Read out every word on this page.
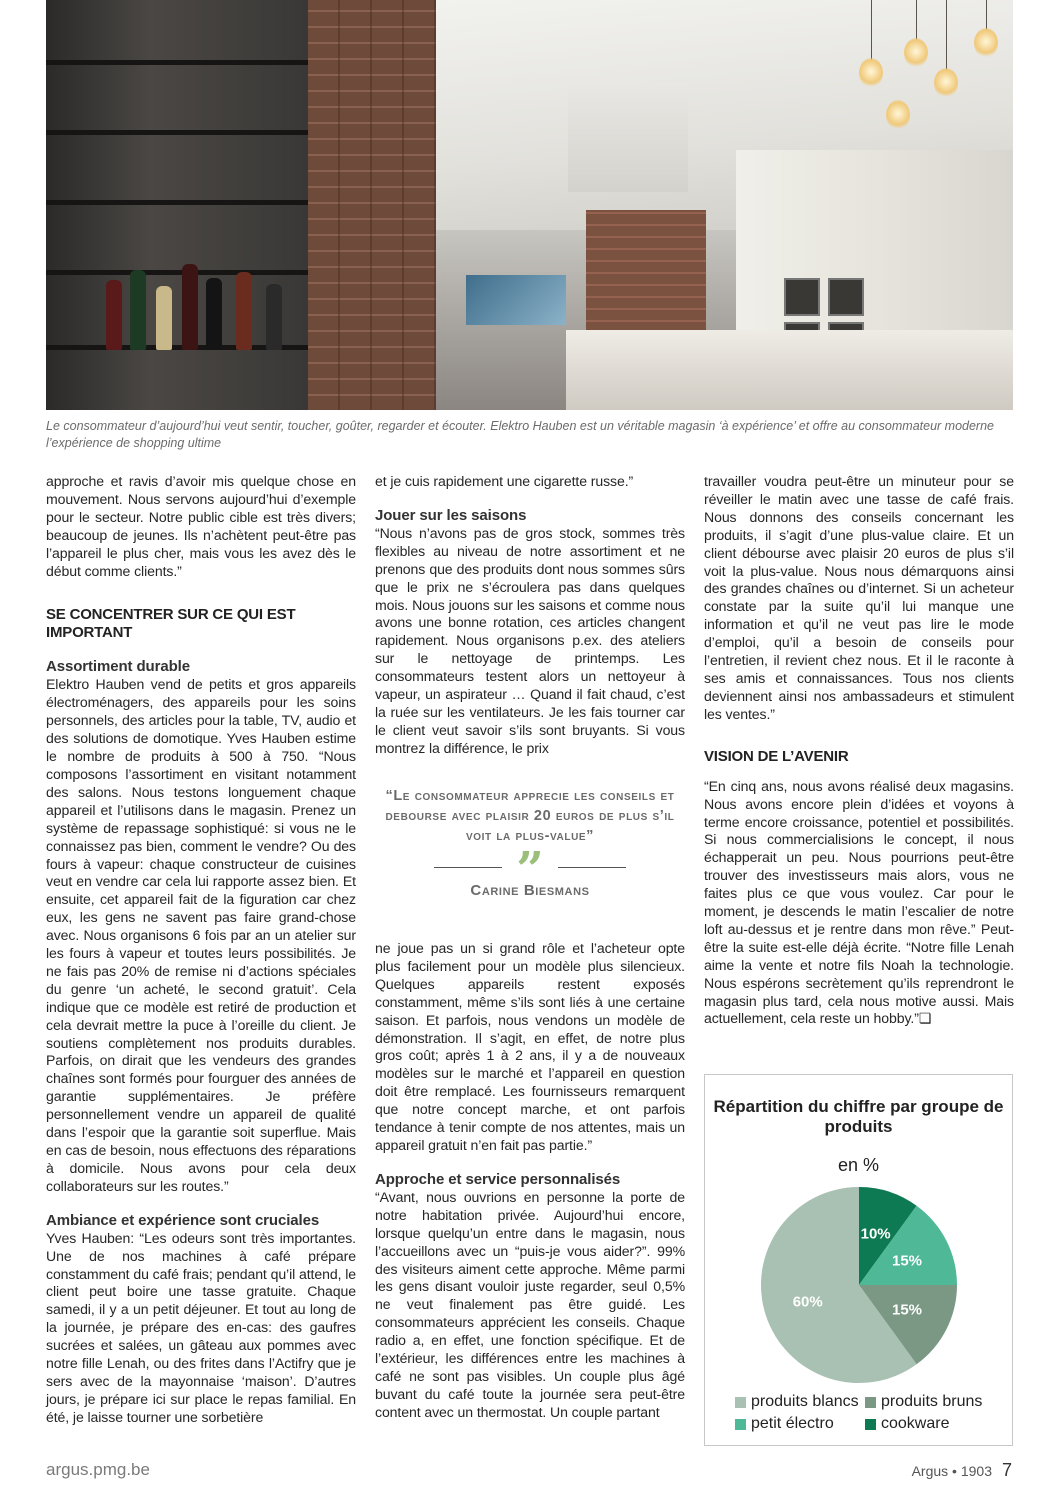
Le consommateur d’aujourd’hui veut sentir, toucher, goûter, regarder et écouter. Elektro Hauben est un véritable magasin ‘à expérience’ et offre au consommateur moderne l’expérience de shopping ultime

approche et ravis d’avoir mis quelque chose en mouvement. Nous servons aujourd’hui d’exemple pour le secteur. Notre public cible est très divers; beaucoup de jeunes. Ils n’achètent peut-être pas l’appareil le plus cher, mais vous les avez dès le début comme clients.”

SE CONCENTRER SUR CE QUI EST IMPORTANT
Assortiment durable

Elektro Hauben vend de petits et gros appareils électroménagers, des appareils pour les soins personnels, des articles pour la table, TV, audio et des solutions de domotique. Yves Hauben estime le nombre de produits à 500 à 750. “Nous composons l’assortiment en visitant notamment des salons. Nous testons longuement chaque appareil et l’utilisons dans le magasin. Prenez un système de repassage sophistiqué: si vous ne le connaissez pas bien, comment le vendre? Ou des fours à vapeur: chaque constructeur de cuisines veut en vendre car cela lui rapporte assez bien. Et ensuite, cet appareil fait de la figuration car chez eux, les gens ne savent pas faire grand-chose avec. Nous organisons 6 fois par an un atelier sur les fours à vapeur et toutes leurs possibilités. Je ne fais pas 20% de remise ni d’actions spéciales du genre ‘un acheté, le second gratuit’. Cela indique que ce modèle est retiré de production et cela devrait mettre la puce à l’oreille du client. Je soutiens complètement nos produits durables. Parfois, on dirait que les vendeurs des grandes chaînes sont formés pour fourguer des années de garantie supplémentaires. Je préfère personnellement vendre un appareil de qualité dans l’espoir que la garantie soit superflue. Mais en cas de besoin, nous effectuons des réparations à domicile. Nous avons pour cela deux collaborateurs sur les routes.”

Ambiance et expérience sont cruciales

Yves Hauben: “Les odeurs sont très importantes. Une de nos machines à café prépare constamment du café frais; pendant qu’il attend, le client peut boire une tasse gratuite. Chaque samedi, il y a un petit déjeuner. Et tout au long de la journée, je prépare des en-cas: des gaufres sucrées et salées, un gâteau aux pommes avec notre fille Lenah, ou des frites dans l’Actifry que je sers avec de la mayonnaise ‘maison’. D’autres jours, je prépare ici sur place le repas familial. En été, je laisse tourner une sorbetière

et je cuis rapidement une cigarette russe.”

Jouer sur les saisons

“Nous n’avons pas de gros stock, sommes très flexibles au niveau de notre assortiment et ne prenons que des produits dont nous sommes sûrs que le prix ne s’écroulera pas dans quelques mois. Nous jouons sur les saisons et comme nous avons une bonne rotation, ces articles changent rapidement. Nous organisons p.ex. des ateliers sur le nettoyage de printemps. Les consommateurs testent alors un nettoyeur à vapeur, un aspirateur … Quand il fait chaud, c’est la ruée sur les ventilateurs. Je les fais tourner car le client veut savoir s’ils sont bruyants. Si vous montrez la différence, le prix

“Le consommateur apprecie les conseils et debourse avec plaisir 20 euros de plus s’il voit la plus-value”
”
Carine Biesmans

ne joue pas un si grand rôle et l’acheteur opte plus facilement pour un modèle plus silencieux. Quelques appareils restent exposés constamment, même s’ils sont liés à une certaine saison. Et parfois, nous vendons un modèle de démonstration. Il s’agit, en effet, de notre plus gros coût; après 1 à 2 ans, il y a de nouveaux modèles sur le marché et l’appareil en question doit être remplacé. Les fournisseurs remarquent que notre concept marche, et ont parfois tendance à tenir compte de nos attentes, mais un appareil gratuit n’en fait pas partie.”

Approche et service personnalisés

“Avant, nous ouvrions en personne la porte de notre habitation privée. Aujourd’hui encore, lorsque quelqu’un entre dans le magasin, nous l’accueillons avec un “puis-je vous aider?”. 99% des visiteurs aiment cette approche. Même parmi les gens disant vouloir juste regarder, seul 0,5% ne veut finalement pas être guidé. Les consommateurs apprécient les conseils. Chaque radio a, en effet, une fonction spécifique. Et de l’extérieur, les différences entre les machines à café ne sont pas visibles. Un couple plus âgé buvant du café toute la journée sera peut-être content avec un thermostat. Un couple partant

travailler voudra peut-être un minuteur pour se réveiller le matin avec une tasse de café frais. Nous donnons des conseils concernant les produits, il s’agit d’une plus-value claire. Et un client débourse avec plaisir 20 euros de plus s’il voit la plus-value. Nous nous démarquons ainsi des grandes chaînes ou d’internet. Si un acheteur constate par la suite qu’il lui manque une information et qu’il ne veut pas lire le mode d’emploi, qu’il a besoin de conseils pour l’entretien, il revient chez nous. Et il le raconte à ses amis et connaissances. Tous nos clients deviennent ainsi nos ambassadeurs et stimulent les ventes.”

VISION DE L’AVENIR

“En cinq ans, nous avons réalisé deux magasins. Nous avons encore plein d’idées et voyons à terme encore croissance, potentiel et possibilités. Si nous commercialisions le concept, il nous échapperait un peu. Nous pourrions peut-être trouver des investisseurs mais alors, vous ne faites plus ce que vous voulez. Car pour le moment, je descends le matin l’escalier de notre loft au-dessus et je rentre dans mon rêve.” Peut-être la suite est-elle déjà écrite. “Notre fille Lenah aime la vente et notre fils Noah la technologie. Nous espérons secrètement qu’ils reprendront le magasin plus tard, cela nous motive aussi. Mais actuellement, cela reste un hobby.”❏

Répartition du chiffre par groupe de produits
en %
10%
15%
15%
60%
produits blancs produits bruns
petit électro	cookware
argus.pmg.be	Argus • 1903 7
